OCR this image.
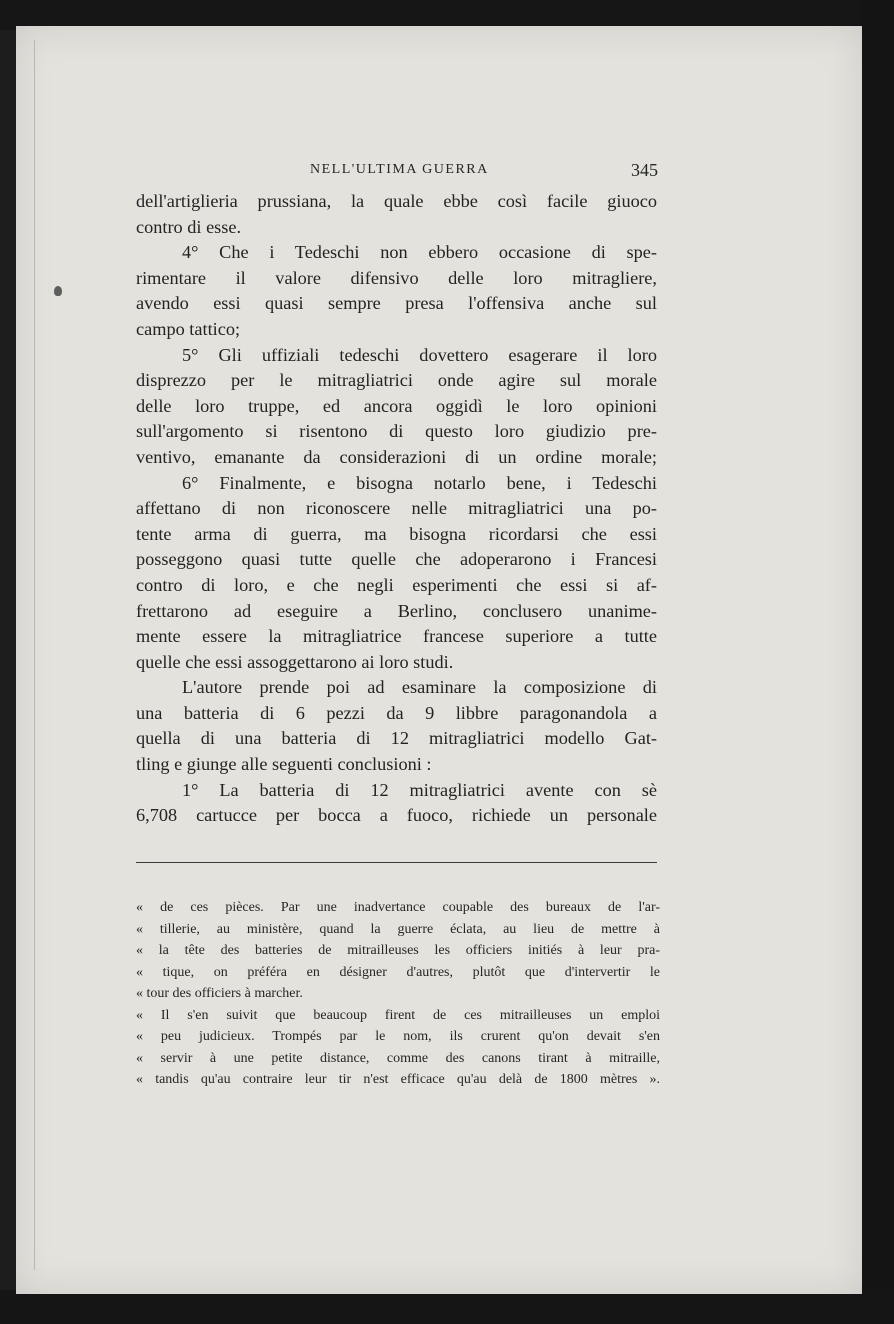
NELL'ULTIMA GUERRA	345
dell'artiglieria prussiana, la quale ebbe così facile giuoco
contro di esse.
4° Che i Tedeschi non ebbero occasione di spe-
rimentare il valore difensivo delle loro mitragliere,
avendo essi quasi sempre presa l'offensiva anche sul
campo tattico;
5° Gli uffiziali tedeschi dovettero esagerare il loro
disprezzo per le mitragliatrici onde agire sul morale
delle loro truppe, ed ancora oggidì le loro opinioni
sull'argomento si risentono di questo loro giudizio pre-
ventivo, emanante da considerazioni di un ordine morale;
6° Finalmente, e bisogna notarlo bene, i Tedeschi
affettano di non riconoscere nelle mitragliatrici una po-
tente arma di guerra, ma bisogna ricordarsi che essi
posseggono quasi tutte quelle che adoperarono i Francesi
contro di loro, e che negli esperimenti che essi si af-
frettarono ad eseguire a Berlino, conclusero unanime-
mente essere la mitragliatrice francese superiore a tutte
quelle che essi assoggettarono ai loro studi.
L'autore prende poi ad esaminare la composizione di
una batteria di 6 pezzi da 9 libbre paragonandola a
quella di una batteria di 12 mitragliatrici modello Gat-
tling e giunge alle seguenti conclusioni :
1° La batteria di 12 mitragliatrici avente con sè
6,708 cartucce per bocca a fuoco, richiede un personale
« de ces pièces. Par une inadvertance coupable des bureaux de l'ar-
« tillerie, au ministère, quand la guerre éclata, au lieu de mettre à
« la tête des batteries de mitrailleuses les officiers initiés à leur pra-
« tique, on préféra en désigner d'autres, plutôt que d'intervertir le
« tour des officiers à marcher.
« Il s'en suivit que beaucoup firent de ces mitrailleuses un emploi
« peu judicieux. Trompés par le nom, ils crurent qu'on devait s'en
« servir à une petite distance, comme des canons tirant à mitraille,
« tandis qu'au contraire leur tir n'est efficace qu'au delà de 1800 mètres ».
